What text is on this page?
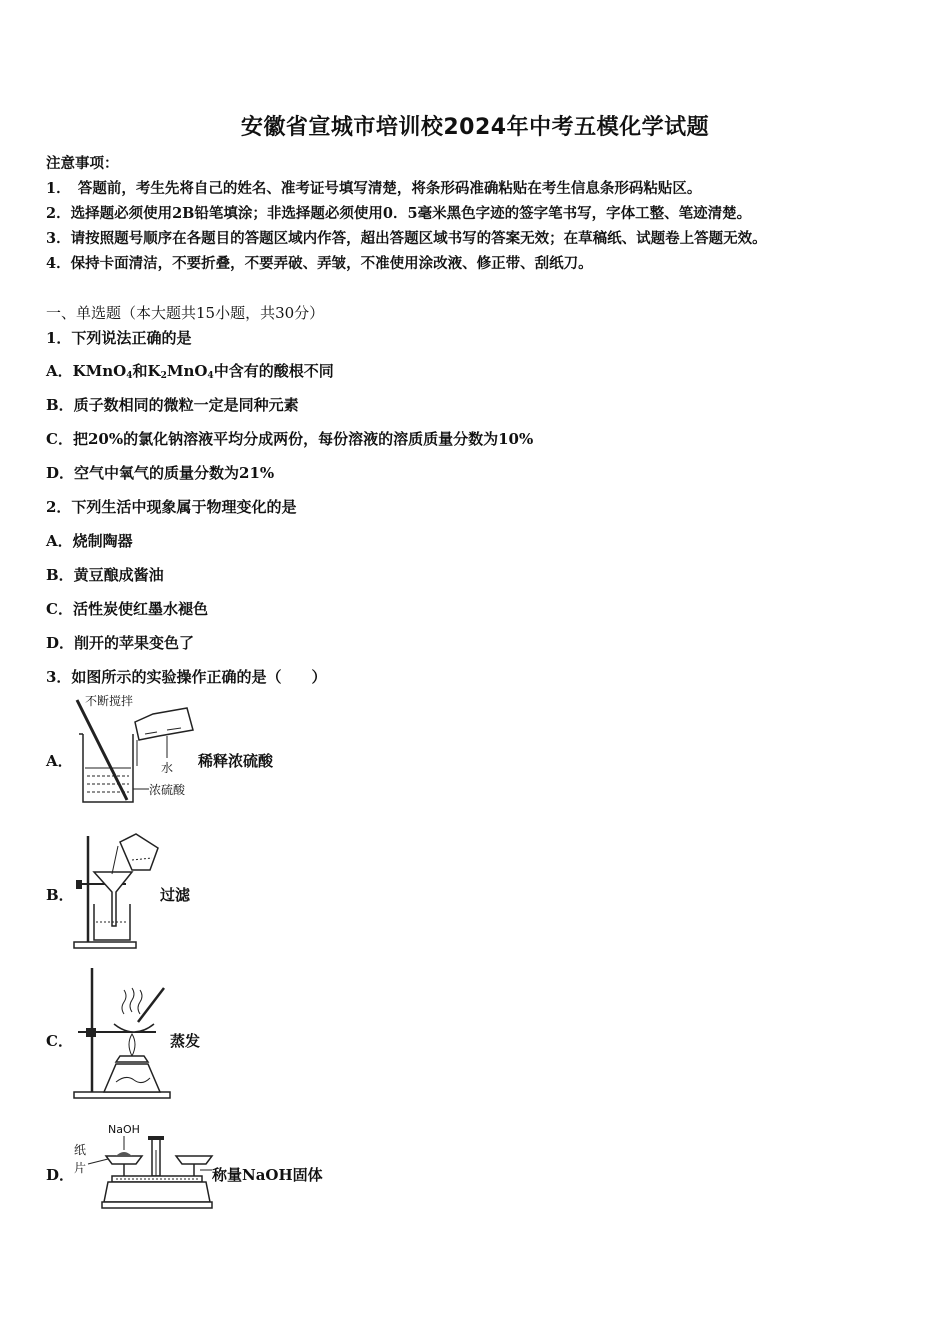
安徽省宣城市培训校2024年中考五模化学试题
注意事项：
1．　答题前，考生先将自己的姓名、准考证号填写清楚，将条形码准确粘贴在考生信息条形码粘贴区。
2．选择题必须使用2B铅笔填涂；非选择题必须使用0．5毫米黑色字迹的签字笔书写，字体工整、笔迹清楚。
3．请按照题号顺序在各题目的答题区域内作答，超出答题区域书写的答案无效；在草稿纸、试题卷上答题无效。
4．保持卡面清洁，不要折叠，不要弄破、弄皱，不准使用涂改液、修正带、刮纸刀。
一、单选题（本大题共15小题，共30分）
1．下列说法正确的是
A．KMnO$_4$和$K_2MnO_4$中含有的酸根不同
B．质子数相同的微粒一定是同种元素
C．把20%的氯化钠溶液平均分成两份，每份溶液的溶质质量分数为10%
D．空气中氧气的质量分数为21%
2．下列生活中现象属于物理变化的是
A．烧制陶器
B．黄豆酿成酱油
C．活性炭使红墨水褪色
D．削开的苹果变色了
3．如图所示的实验操作正确的是（　　）
A．
不断搅拌
水
浓硫酸
稀释浓硫酸
B．	过滤
C．	蒸发
D．
NaOH
纸
片	称量NaOH固体
